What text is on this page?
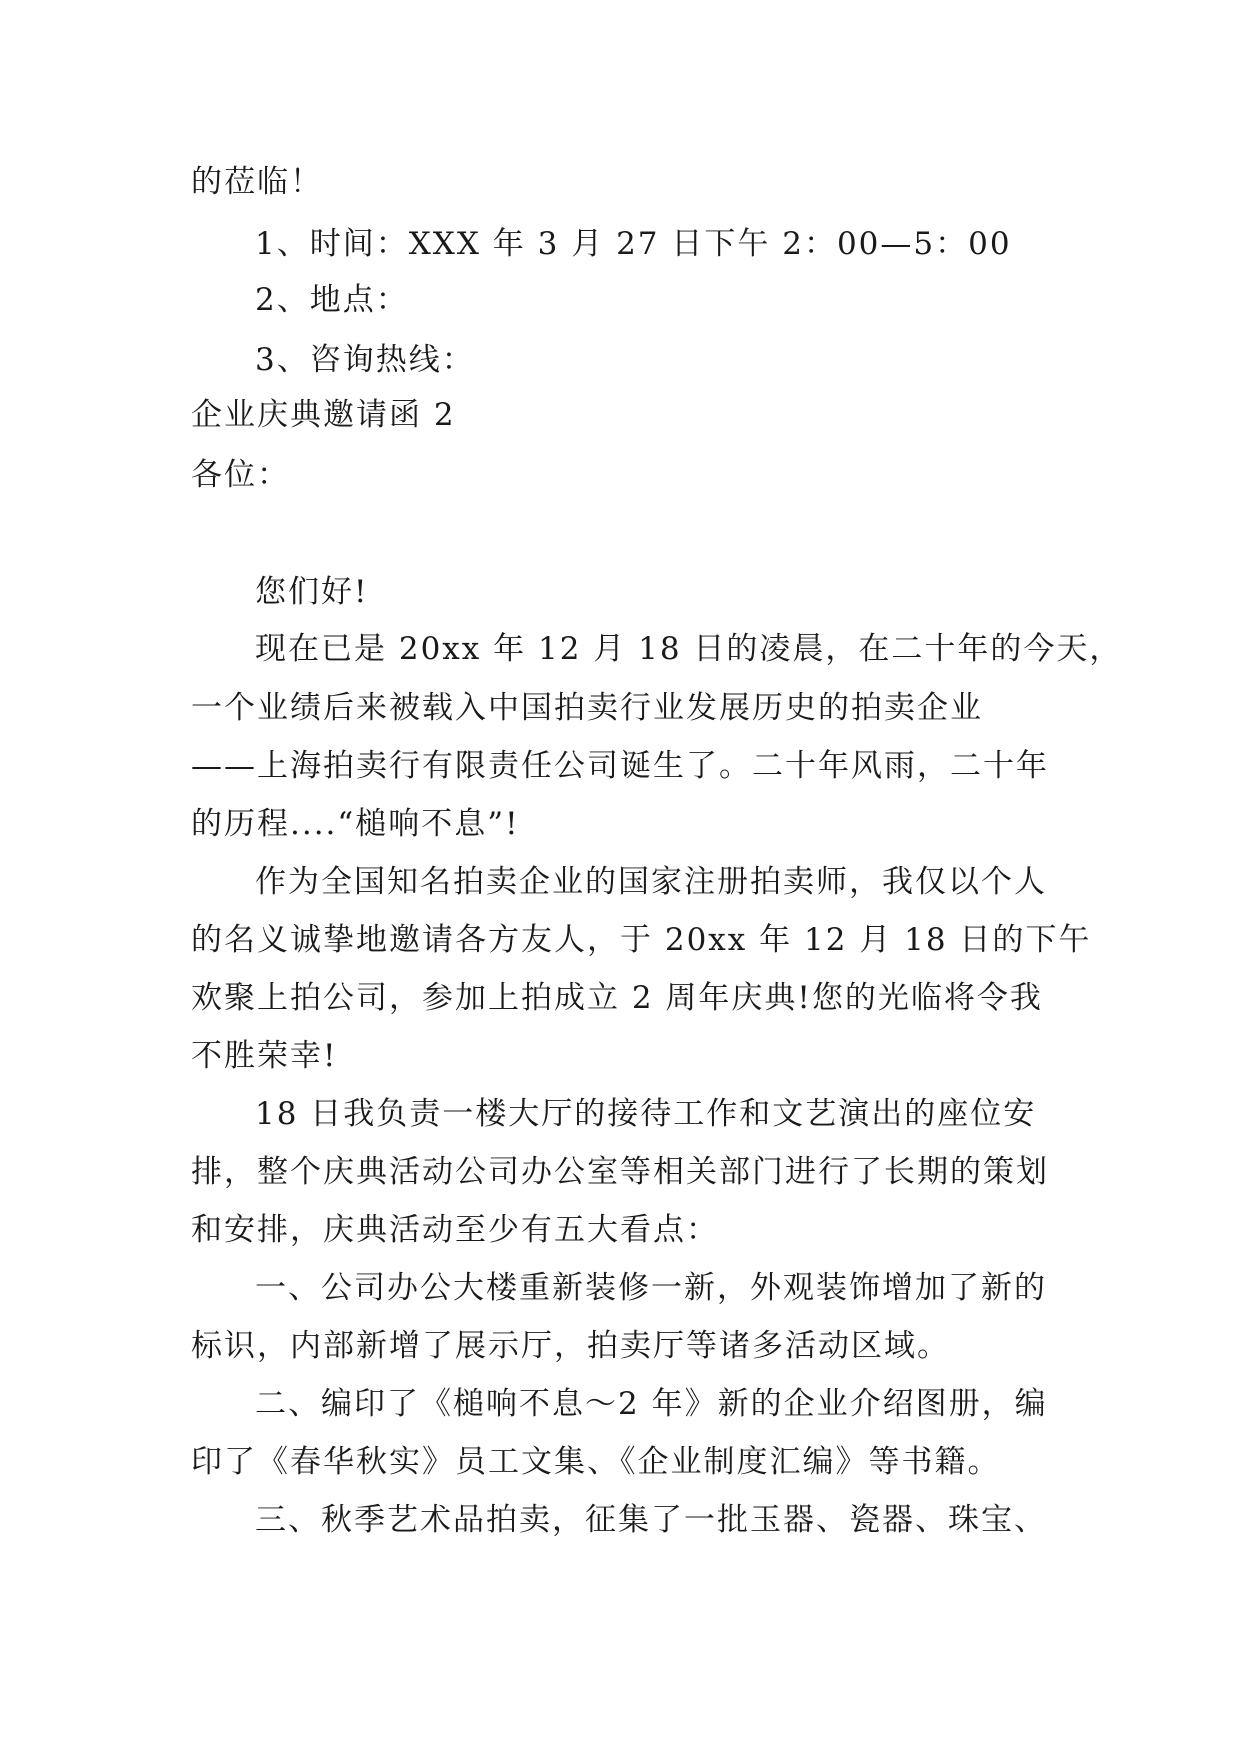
的莅临！
1、时间：XXX 年 3 月 27 日下午 2：00—5：00
2、地点：
3、咨询热线：
企业庆典邀请函 2
各位：
您们好!
现在已是 20xx 年 12 月 18 日的凌晨，在二十年的今天，
一个业绩后来被载入中国拍卖行业发展历史的拍卖企业
——上海拍卖行有限责任公司诞生了。二十年风雨，二十年
的历程....“槌响不息”!
作为全国知名拍卖企业的国家注册拍卖师，我仅以个人
的名义诚挚地邀请各方友人，于 20xx 年 12 月 18 日的下午
欢聚上拍公司，参加上拍成立 2 周年庆典!您的光临将令我
不胜荣幸!
18 日我负责一楼大厅的接待工作和文艺演出的座位安
排，整个庆典活动公司办公室等相关部门进行了长期的策划
和安排，庆典活动至少有五大看点：
一、公司办公大楼重新装修一新，外观装饰增加了新的
标识，内部新增了展示厅，拍卖厅等诸多活动区域。
二、编印了《槌响不息～2 年》新的企业介绍图册，编
印了《春华秋实》员工文集、《企业制度汇编》等书籍。
三、秋季艺术品拍卖，征集了一批玉器、瓷器、珠宝、
